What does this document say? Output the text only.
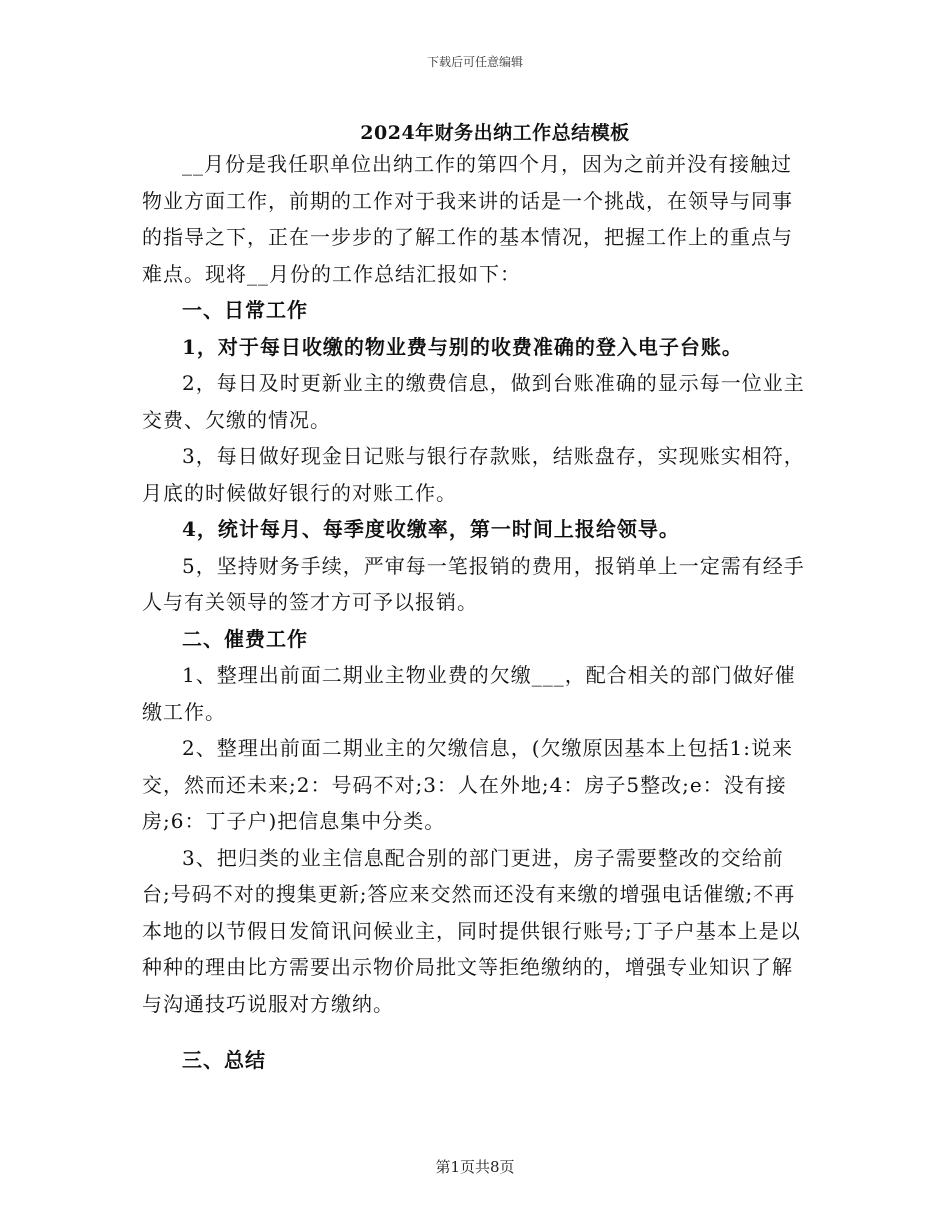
下载后可任意编辑
2024年财务出纳工作总结模板

__月份是我任职单位出纳工作的第四个月，因为之前并没有接触过物业方面工作，前期的工作对于我来讲的话是一个挑战，在领导与同事的指导之下，正在一步步的了解工作的基本情况，把握工作上的重点与难点。现将__月份的工作总结汇报如下：

一、日常工作

1，对于每日收缴的物业费与别的收费准确的登入电子台账。

2，每日及时更新业主的缴费信息，做到台账准确的显示每一位业主交费、欠缴的情况。

3，每日做好现金日记账与银行存款账，结账盘存，实现账实相符，月底的时候做好银行的对账工作。

4，统计每月、每季度收缴率，第一时间上报给领导。

5，坚持财务手续，严审每一笔报销的费用，报销单上一定需有经手人与有关领导的签才方可予以报销。

二、催费工作

1、整理出前面二期业主物业费的欠缴___，配合相关的部门做好催缴工作。

2、整理出前面二期业主的欠缴信息，(欠缴原因基本上包括1:说来交，然而还未来;2：号码不对;3：人在外地;4：房子5整改;e：没有接房;6：丁子户)把信息集中分类。

3、把归类的业主信息配合别的部门更进，房子需要整改的交给前台;号码不对的搜集更新;答应来交然而还没有来缴的增强电话催缴;不再本地的以节假日发简讯问候业主，同时提供银行账号;丁子户基本上是以种种的理由比方需要出示物价局批文等拒绝缴纳的，增强专业知识了解与沟通技巧说服对方缴纳。

三、总结

第1页共8页
